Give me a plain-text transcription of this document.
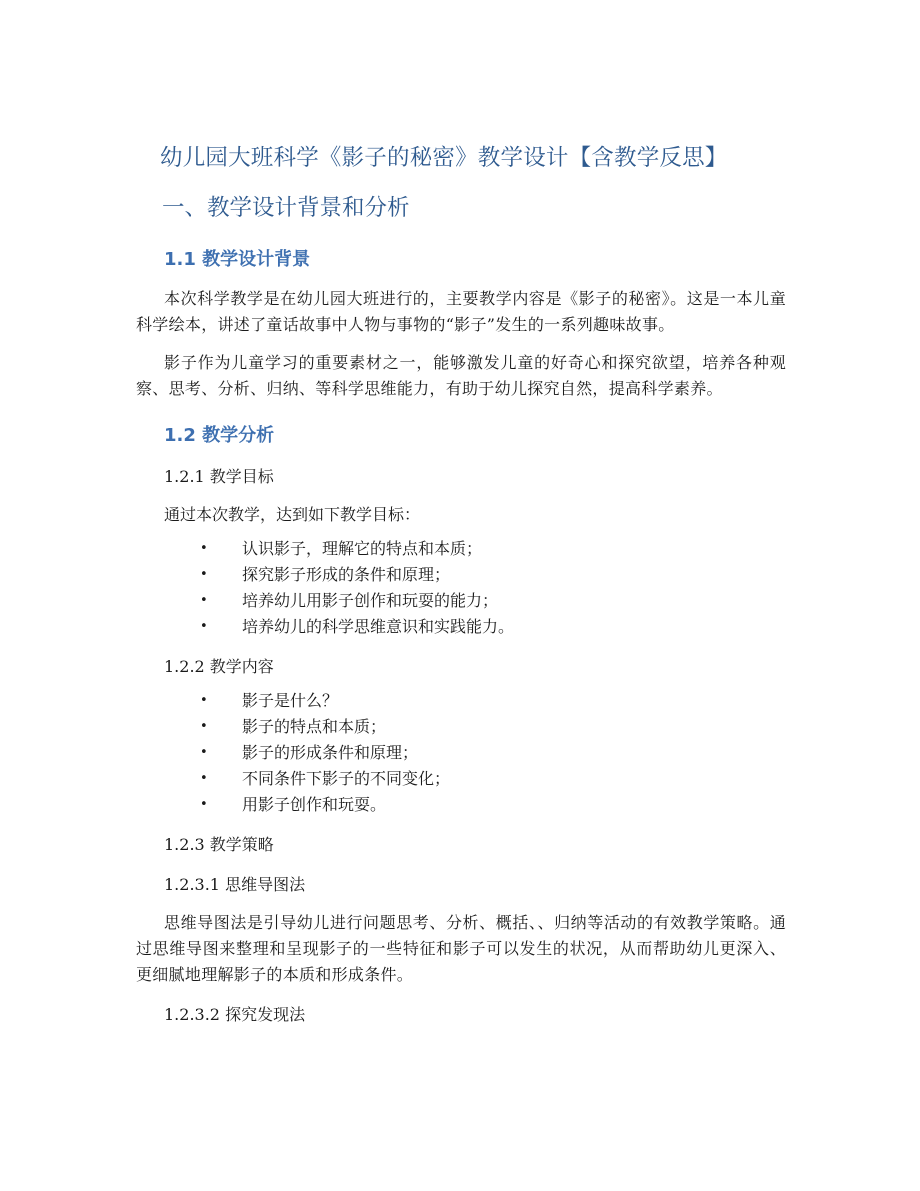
幼儿园大班科学《影子的秘密》教学设计【含教学反思】
一、教学设计背景和分析
1.1 教学设计背景

本次科学教学是在幼儿园大班进行的，主要教学内容是《影子的秘密》。这是一本儿童科学绘本，讲述了童话故事中人物与事物的“影子”发生的一系列趣味故事。

影子作为儿童学习的重要素材之一，能够激发儿童的好奇心和探究欲望，培养各种观察、思考、分析、归纳、等科学思维能力，有助于幼儿探究自然，提高科学素养。

1.2 教学分析
1.2.1 教学目标
通过本次教学，达到如下教学目标：
• 认识影子，理解它的特点和本质；
• 探究影子形成的条件和原理；
• 培养幼儿用影子创作和玩耍的能力；
• 培养幼儿的科学思维意识和实践能力。
1.2.2 教学内容
• 影子是什么？
• 影子的特点和本质；
• 影子的形成条件和原理；
• 不同条件下影子的不同变化；
• 用影子创作和玩耍。
1.2.3 教学策略
1.2.3.1 思维导图法

思维导图法是引导幼儿进行问题思考、分析、概括、、归纳等活动的有效教学策略。通过思维导图来整理和呈现影子的一些特征和影子可以发生的状况，从而帮助幼儿更深入、更细腻地理解影子的本质和形成条件。

1.2.3.2 探究发现法
